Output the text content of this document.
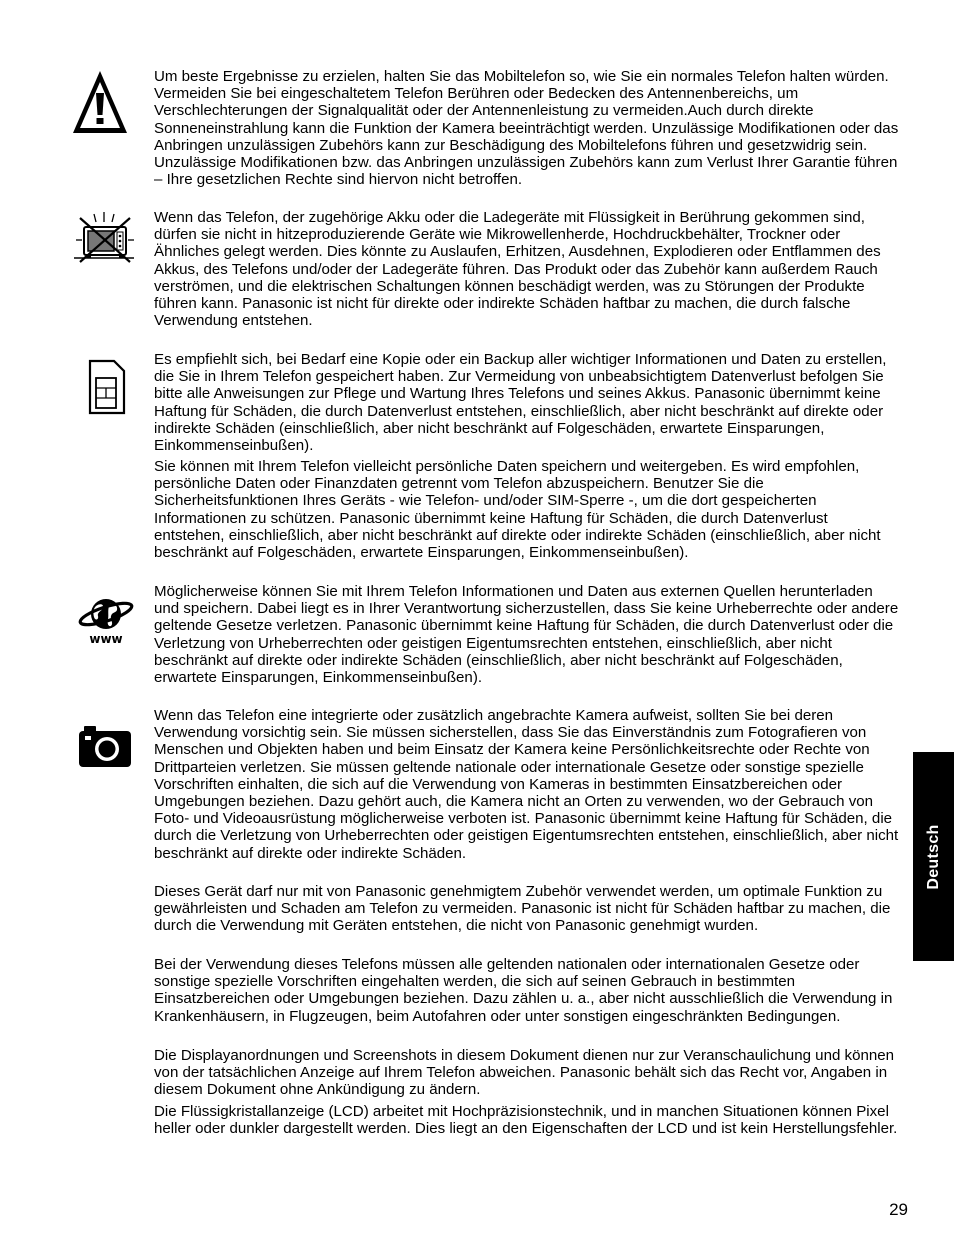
www

Um beste Ergebnisse zu erzielen, halten Sie das Mobiltelefon so, wie Sie ein normales Telefon halten würden. Vermeiden Sie bei eingeschaltetem Telefon Berühren oder Bedecken des Antennenbereichs, um Verschlechterungen der Signalqualität oder der Antennenleistung zu vermeiden.Auch durch direkte Sonneneinstrahlung kann die Funktion der Kamera beeinträchtigt werden. Unzulässige Modifikationen oder das Anbringen unzulässigen Zubehörs kann zur Beschädigung des Mobiltelefons führen und gesetzwidrig sein. Unzulässige Modifikationen bzw. das Anbringen unzulässigen Zubehörs kann zum Verlust Ihrer Garantie führen – Ihre gesetzlichen Rechte sind hiervon nicht betroffen.

Wenn das Telefon, der zugehörige Akku oder die Ladegeräte mit Flüssigkeit in Berührung gekommen sind, dürfen sie nicht in hitzeproduzierende Geräte wie Mikrowellenherde, Hochdruckbehälter, Trockner oder Ähnliches gelegt werden. Dies könnte zu Auslaufen, Erhitzen, Ausdehnen, Explodieren oder Entflammen des Akkus, des Telefons und/oder der Ladegeräte führen. Das Produkt oder das Zubehör kann außerdem Rauch verströmen, und die elektrischen Schaltungen können beschädigt werden, was zu Störungen der Produkte führen kann. Panasonic ist nicht für direkte oder indirekte Schäden haftbar zu machen, die durch falsche Verwendung entstehen.

Es empfiehlt sich, bei Bedarf eine Kopie oder ein Backup aller wichtiger Informationen und Daten zu erstellen, die Sie in Ihrem Telefon gespeichert haben. Zur Vermeidung von unbeabsichtigtem Datenverlust befolgen Sie bitte alle Anweisungen zur Pflege und Wartung Ihres Telefons und seines Akkus. Panasonic übernimmt keine Haftung für Schäden, die durch Datenverlust entstehen, einschließlich, aber nicht beschränkt auf direkte oder indirekte Schäden (einschließlich, aber nicht beschränkt auf Folgeschäden, erwartete Einsparungen, Einkommenseinbußen).

Sie können mit Ihrem Telefon vielleicht persönliche Daten speichern und weitergeben. Es wird empfohlen, persönliche Daten oder Finanzdaten getrennt vom Telefon abzuspeichern. Benutzer Sie die Sicherheitsfunktionen Ihres Geräts - wie Telefon- und/oder SIM-Sperre -, um die dort gespeicherten Informationen zu schützen. Panasonic übernimmt keine Haftung für Schäden, die durch Datenverlust entstehen, einschließlich, aber nicht beschränkt auf direkte oder indirekte Schäden (einschließlich, aber nicht beschränkt auf Folgeschäden, erwartete Einsparungen, Einkommenseinbußen).

Möglicherweise können Sie mit Ihrem Telefon Informationen und Daten aus externen Quellen herunterladen und speichern. Dabei liegt es in Ihrer Verantwortung sicherzustellen, dass Sie keine Urheberrechte oder andere geltende Gesetze verletzen. Panasonic übernimmt keine Haftung für Schäden, die durch Datenverlust oder die Verletzung von Urheberrechten oder geistigen Eigentumsrechten entstehen, einschließlich, aber nicht beschränkt auf direkte oder indirekte Schäden (einschließlich, aber nicht beschränkt auf Folgeschäden, erwartete Einsparungen, Einkommenseinbußen).

Wenn das Telefon eine integrierte oder zusätzlich angebrachte Kamera aufweist, sollten Sie bei deren Verwendung vorsichtig sein. Sie müssen sicherstellen, dass Sie das Einverständnis zum Fotografieren von Menschen und Objekten haben und beim Einsatz der Kamera keine Persönlichkeitsrechte oder Rechte von Drittparteien verletzen. Sie müssen geltende nationale oder internationale Gesetze oder sonstige spezielle Vorschriften einhalten, die sich auf die Verwendung von Kameras in bestimmten Einsatzbereichen oder Umgebungen beziehen. Dazu gehört auch, die Kamera nicht an Orten zu verwenden, wo der Gebrauch von Foto- und Videoausrüstung möglicherweise verboten ist. Panasonic übernimmt keine Haftung für Schäden, die durch die Verletzung von Urheberrechten oder geistigen Eigentumsrechten entstehen, einschließlich, aber nicht beschränkt auf direkte oder indirekte Schäden.

Dieses Gerät darf nur mit von Panasonic genehmigtem Zubehör verwendet werden, um optimale Funktion zu gewährleisten und Schaden am Telefon zu vermeiden. Panasonic ist nicht für Schäden haftbar zu machen, die durch die Verwendung mit Geräten entstehen, die nicht von Panasonic genehmigt wurden.

Bei der Verwendung dieses Telefons müssen alle geltenden nationalen oder internationalen Gesetze oder sonstige spezielle Vorschriften eingehalten werden, die sich auf seinen Gebrauch in bestimmten Einsatzbereichen oder Umgebungen beziehen. Dazu zählen u. a., aber nicht ausschließlich die Verwendung in Krankenhäusern, in Flugzeugen, beim Autofahren oder unter sonstigen eingeschränkten Bedingungen.

Die Displayanordnungen und Screenshots in diesem Dokument dienen nur zur Veranschaulichung und können von der tatsächlichen Anzeige auf Ihrem Telefon abweichen. Panasonic behält sich das Recht vor, Angaben in diesem Dokument ohne Ankündigung zu ändern.

Die Flüssigkristallanzeige (LCD) arbeitet mit Hochpräzisionstechnik, und in manchen Situationen können Pixel heller oder dunkler dargestellt werden. Dies liegt an den Eigenschaften der LCD und ist kein Herstellungsfehler.

Deutsch
29
